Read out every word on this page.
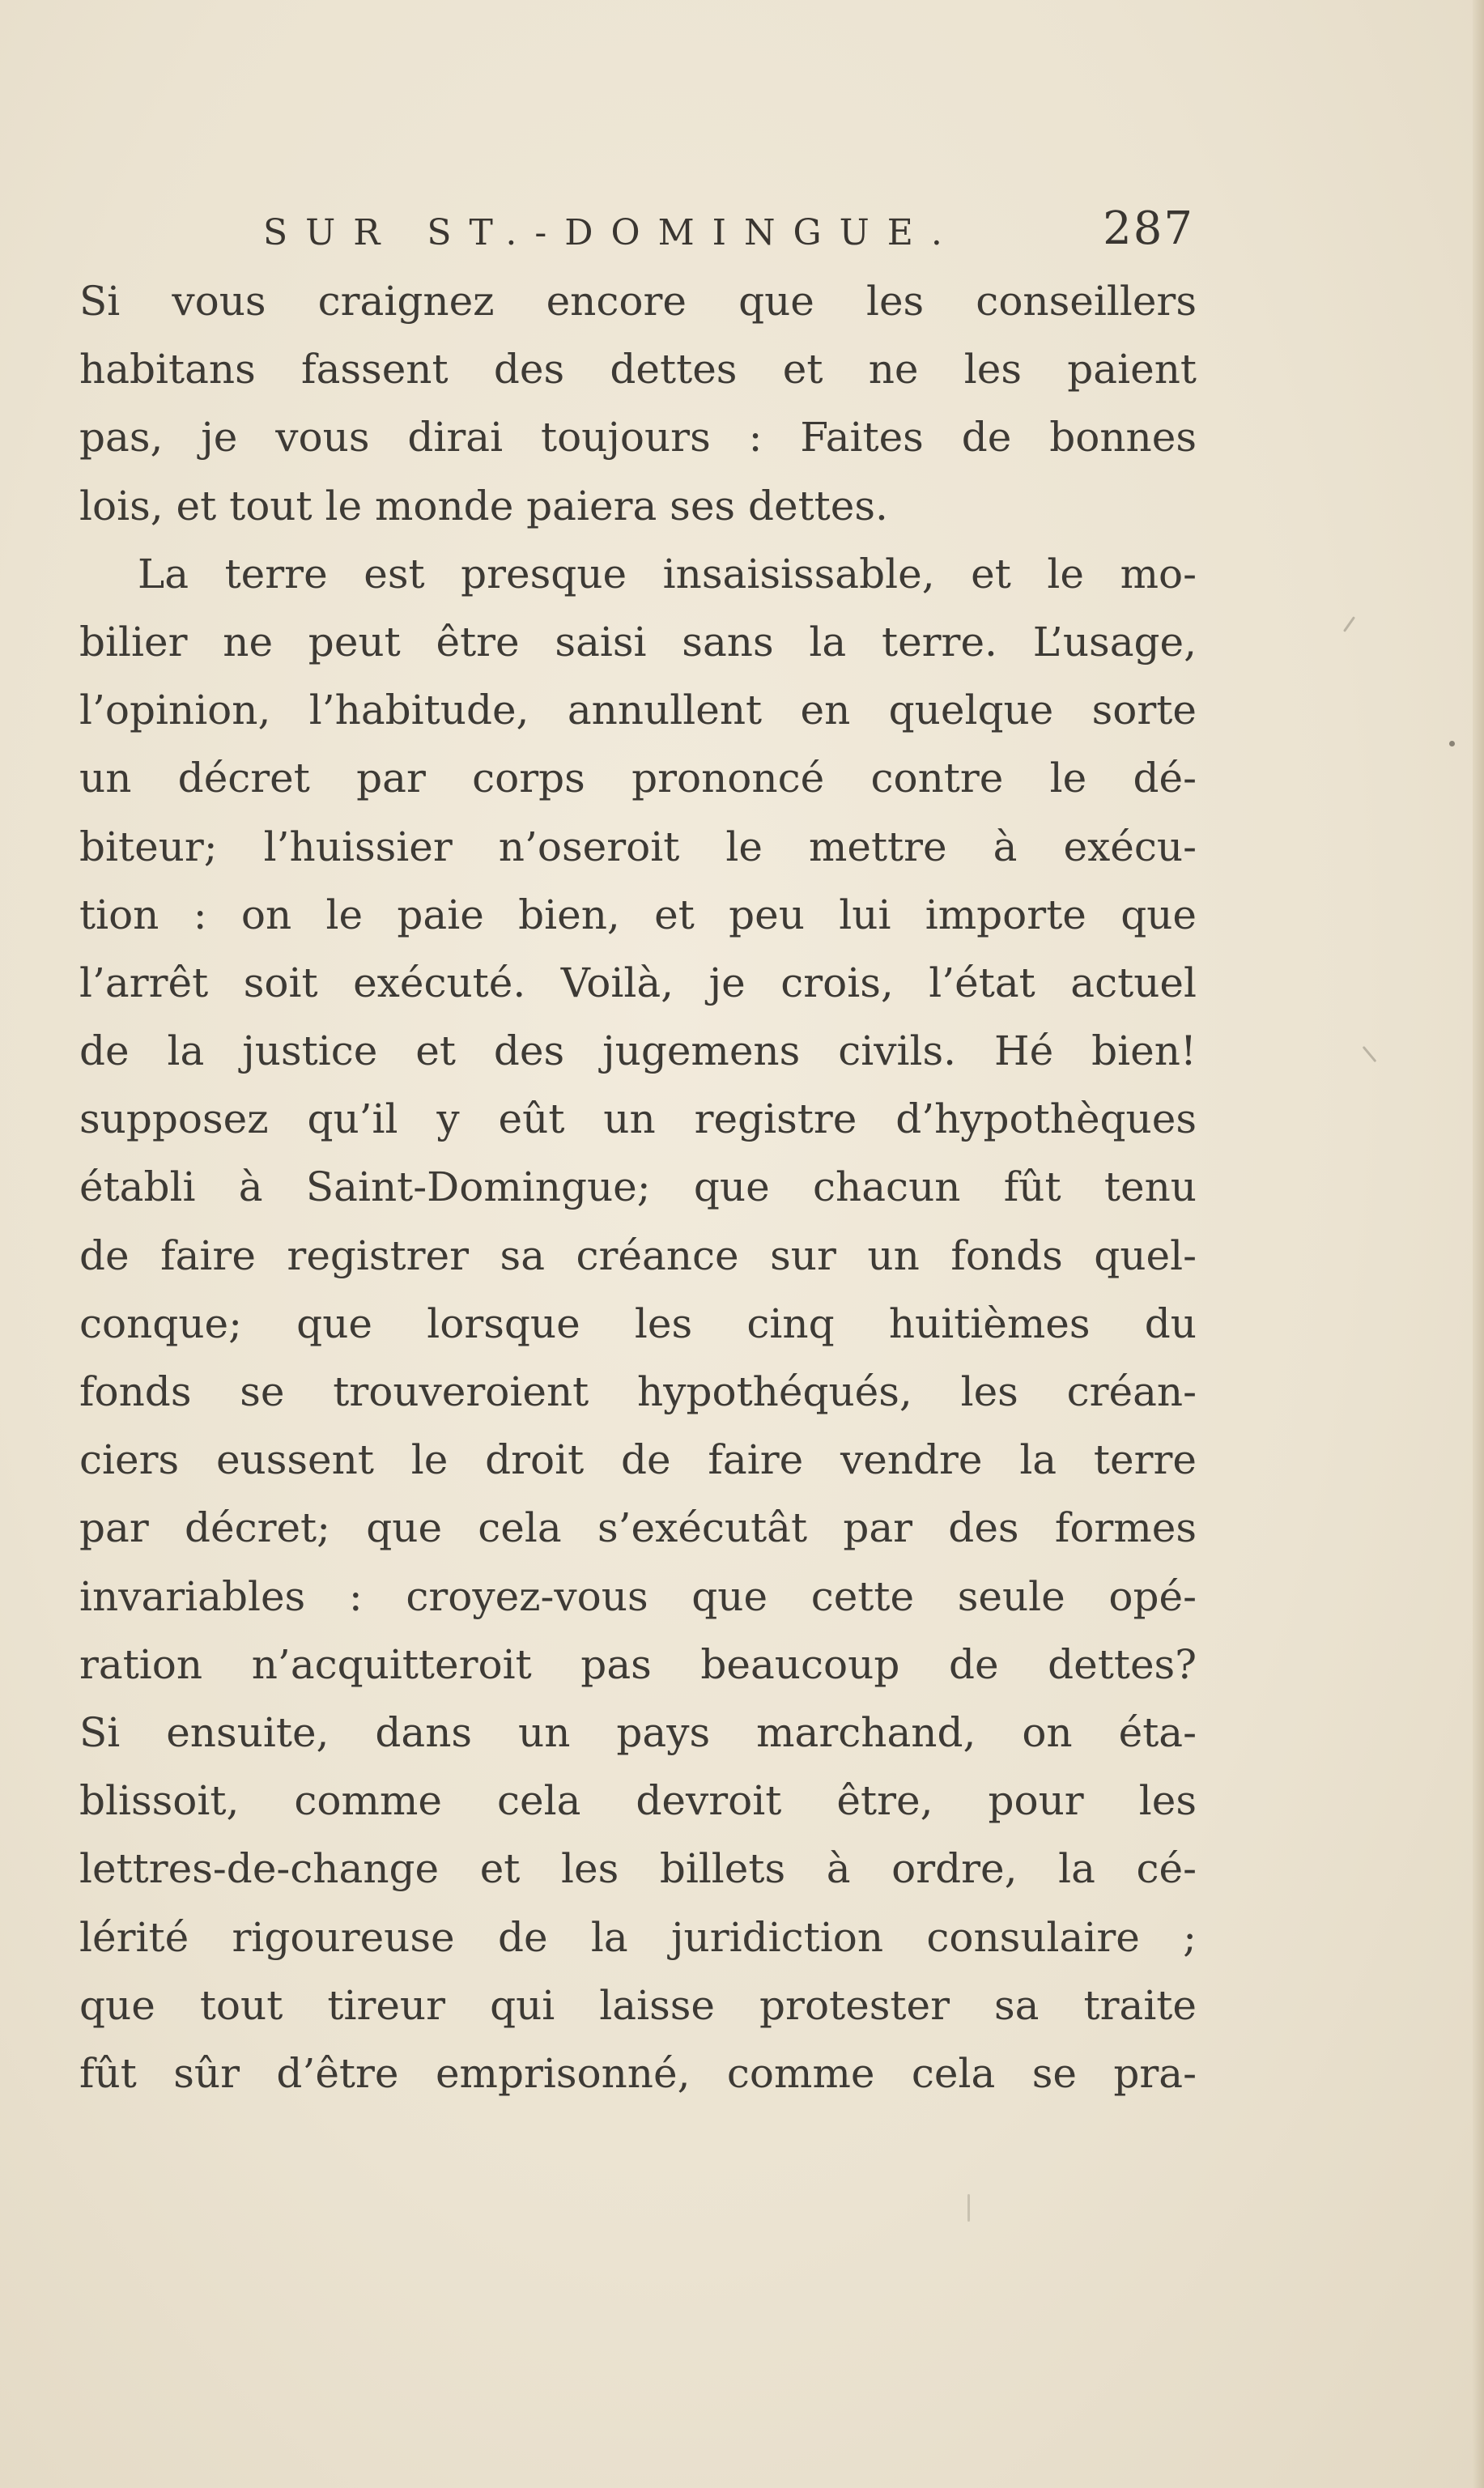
SUR ST.-DOMINGUE.	287
Si vous craignez encore que les conseillers
habitans fassent des dettes et ne les paient
pas, je vous dirai toujours : Faites de bonnes
lois, et tout le monde paiera ses dettes.
La terre est presque insaisissable, et le mo-
bilier ne peut être saisi sans la terre. L’usage,
l’opinion, l’habitude, annullent en quelque sorte
un décret par corps prononcé contre le dé-
biteur; l’huissier n’oseroit le mettre à exécu-
tion : on le paie bien, et peu lui importe que
l’arrêt soit exécuté. Voilà, je crois, l’état actuel
de la justice et des jugemens civils. Hé bien!
supposez qu’il y eût un registre d’hypothèques
établi à Saint-Domingue; que chacun fût tenu
de faire registrer sa créance sur un fonds quel-
conque; que lorsque les cinq huitièmes du
fonds se trouveroient hypothéqués, les créan-
ciers eussent le droit de faire vendre la terre
par décret; que cela s’exécutât par des formes
invariables : croyez-vous que cette seule opé-
ration n’acquitteroit pas beaucoup de dettes?
Si ensuite, dans un pays marchand, on éta-
blissoit, comme cela devroit être, pour les
lettres-de-change et les billets à ordre, la cé-
lérité rigoureuse de la juridiction consulaire ;
que tout tireur qui laisse protester sa traite
fût sûr d’être emprisonné, comme cela se pra-
